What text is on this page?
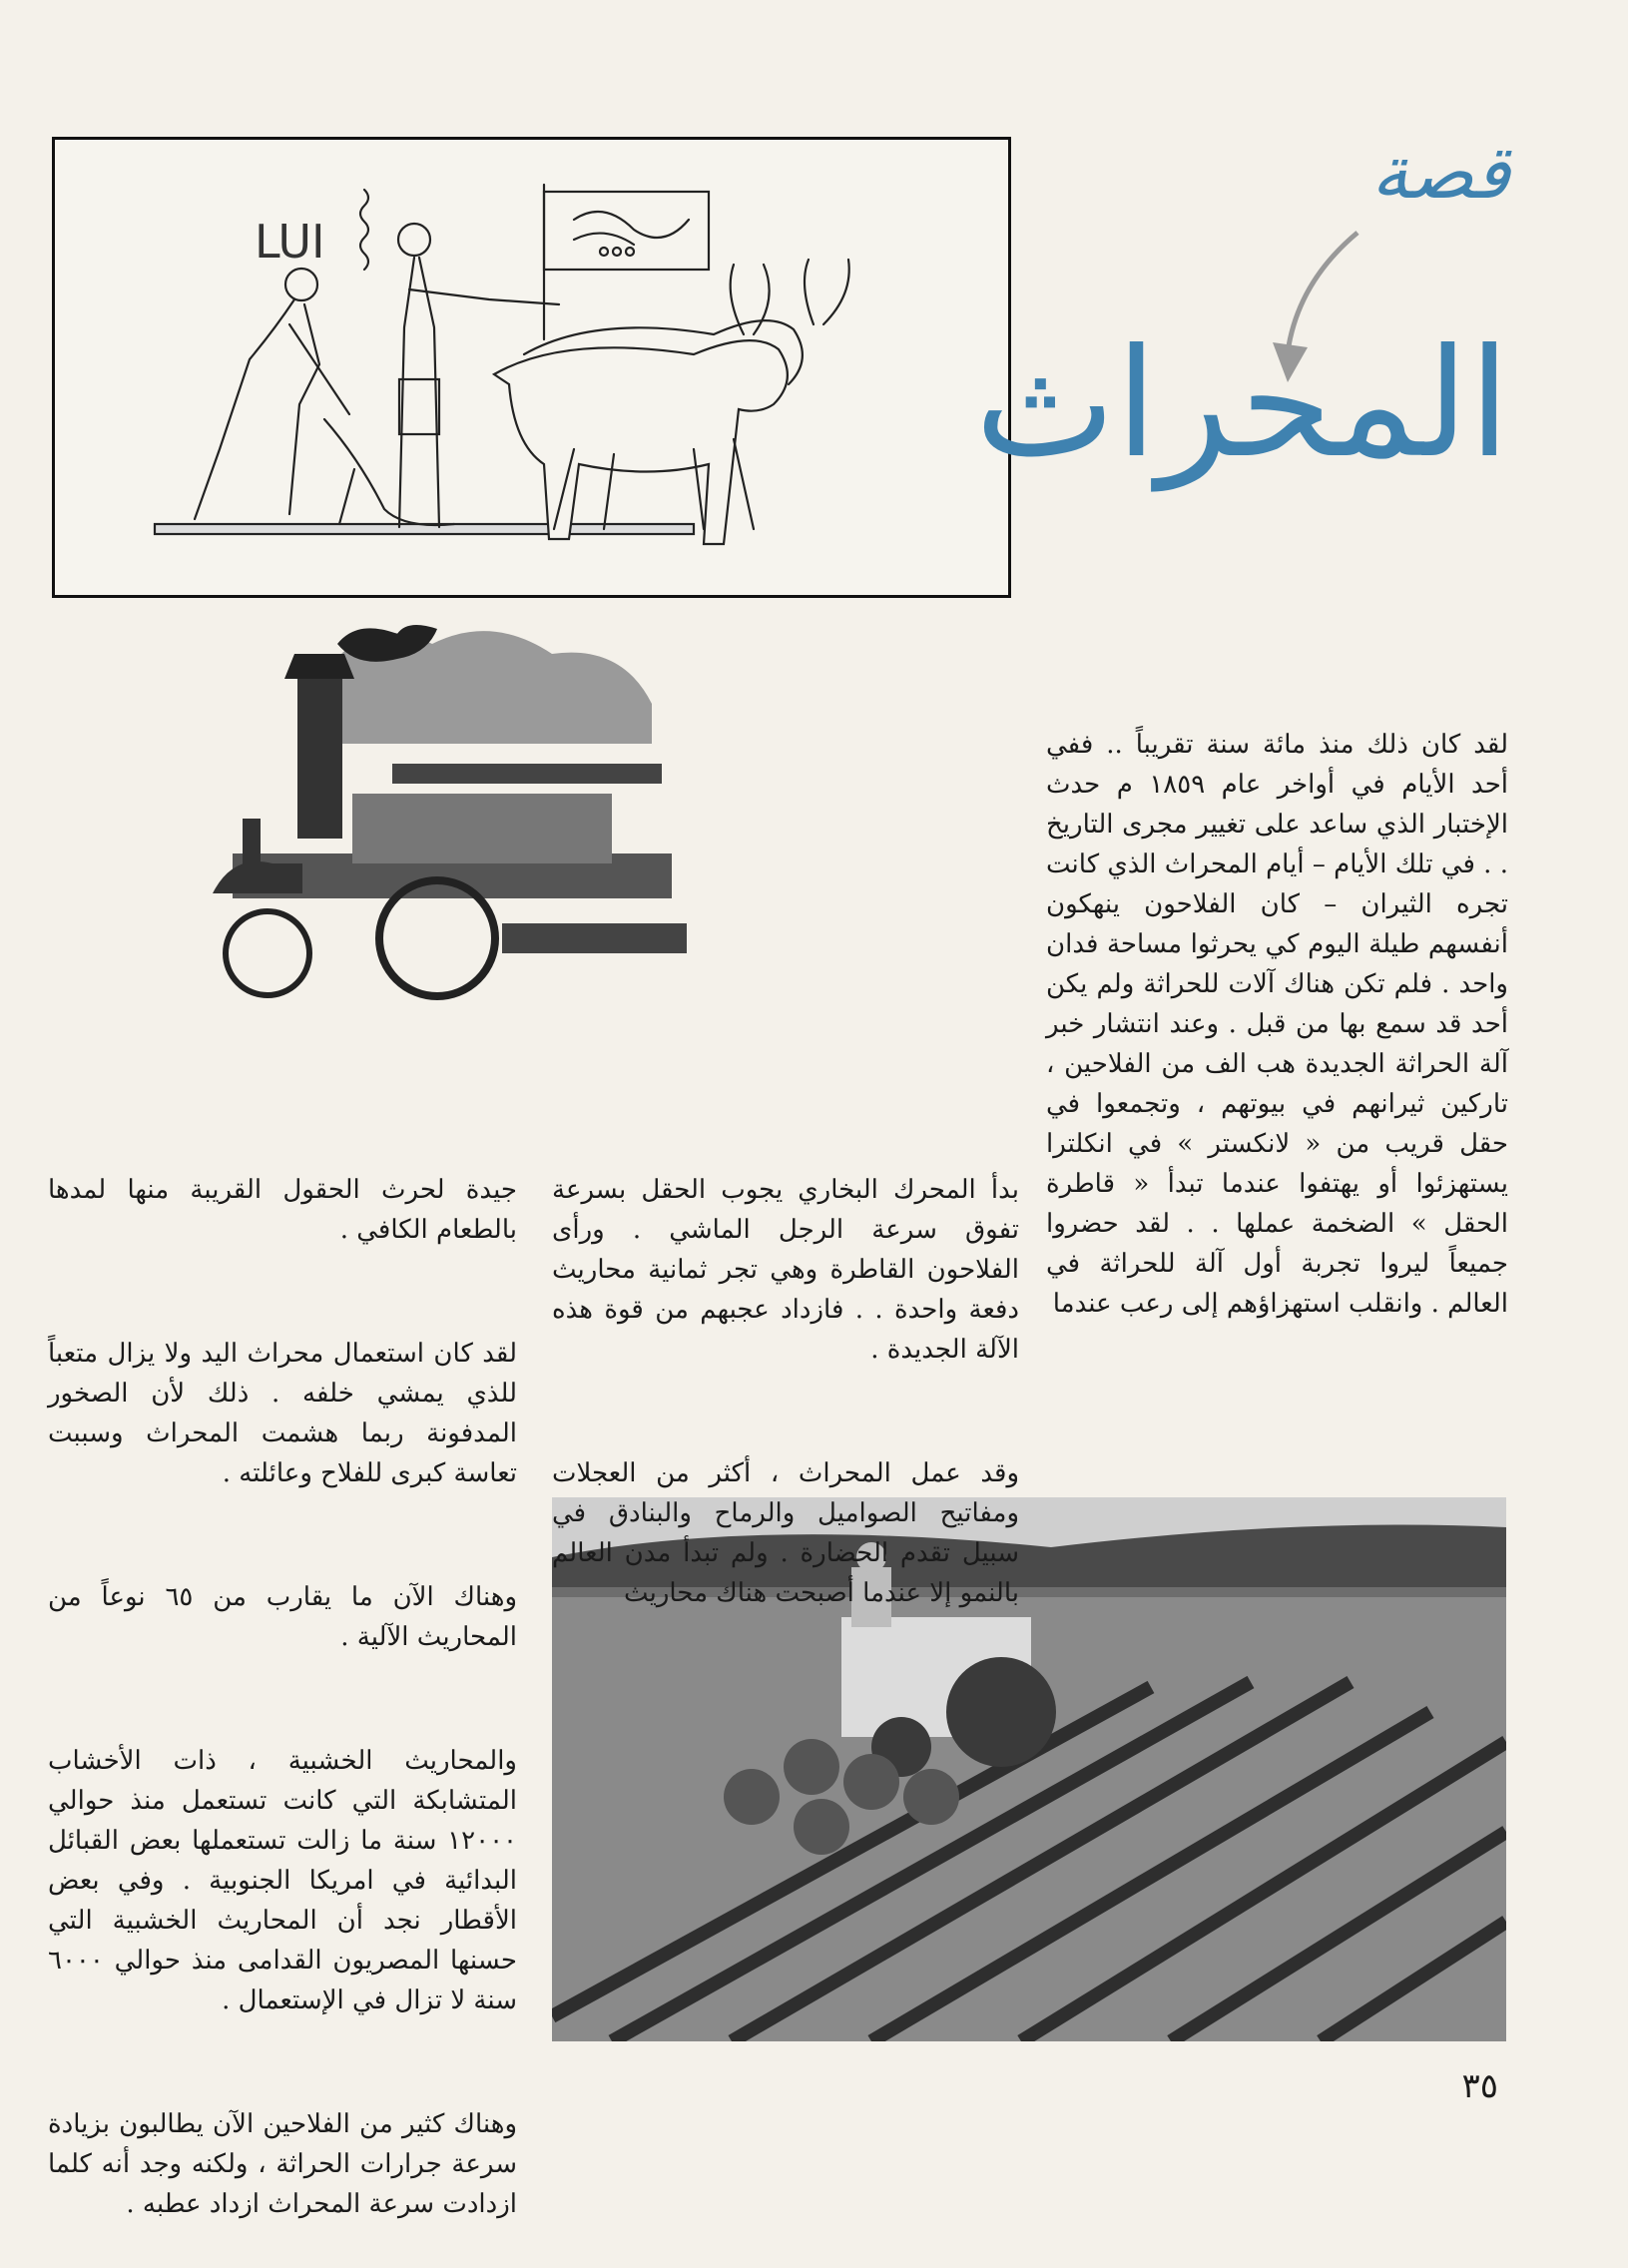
LUI
قصة
المحراث

لقد كان ذلك منذ مائة سنة تقريباً .. ففي أحد الأيام في أواخر عام ١٨٥٩ م حدث الإختبار الذي ساعد على تغيير مجرى التاريخ . . في تلك الأيام – أيام المحراث الذي كانت تجره الثيران – كان الفلاحون ينهكون أنفسهم طيلة اليوم كي يحرثوا مساحة فدان واحد . فلم تكن هناك آلات للحراثة ولم يكن أحد قد سمع بها من قبل . وعند انتشار خبر آلة الحراثة الجديدة هب الف من الفلاحين ، تاركين ثيرانهم في بيوتهم ، وتجمعوا في حقل قريب من « لانكستر » في انكلترا يستهزئوا أو يهتفوا عندما تبدأ « قاطرة الحقل » الضخمة عملها . . لقد حضروا جميعاً ليروا تجربة أول آلة للحراثة في العالم . وانقلب استهزاؤهم إلى رعب عندما

بدأ المحرك البخاري يجوب الحقل بسرعة تفوق سرعة الرجل الماشي . ورأى الفلاحون القاطرة وهي تجر ثمانية محاريث دفعة واحدة . . فازداد عجبهم من قوة هذه الآلة الجديدة .

وقد عمل المحراث ، أكثر من العجلات ومفاتيح الصواميل والرماح والبنادق في سبيل تقدم الحضارة . ولم تبدأ مدن العالم بالنمو إلا عندما أصبحت هناك محاريث

جيدة لحرث الحقول القريبة منها لمدها بالطعام الكافي .

لقد كان استعمال محراث اليد ولا يزال متعباً للذي يمشي خلفه . ذلك لأن الصخور المدفونة ربما هشمت المحراث وسببت تعاسة كبرى للفلاح وعائلته .

وهناك الآن ما يقارب من ٦٥ نوعاً من المحاريث الآلية .

والمحاريث الخشبية ، ذات الأخشاب المتشابكة التي كانت تستعمل منذ حوالي ١٢٠٠٠ سنة ما زالت تستعملها بعض القبائل البدائية في امريكا الجنوبية . وفي بعض الأقطار نجد أن المحاريث الخشبية التي حسنها المصريون القدامى منذ حوالي ٦٠٠٠ سنة لا تزال في الإستعمال .

وهناك كثير من الفلاحين الآن يطالبون بزيادة سرعة جرارات الحراثة ، ولكنه وجد أنه كلما ازدادت سرعة المحراث ازداد عطبه .

٣٥
